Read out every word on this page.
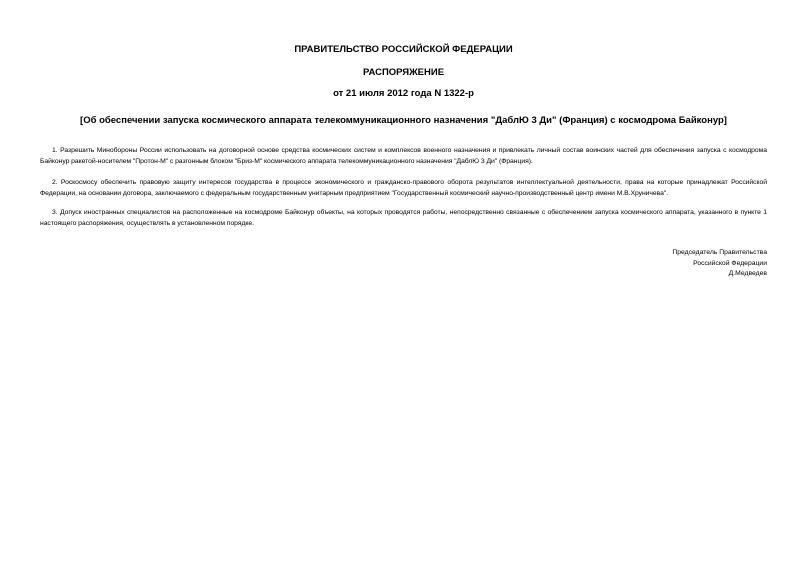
ПРАВИТЕЛЬСТВО РОССИЙСКОЙ ФЕДЕРАЦИИ
РАСПОРЯЖЕНИЕ
от 21 июля 2012 года N 1322-р
[Об обеспечении запуска космического аппарата телекоммуникационного назначения "ДаблЮ 3 Ди" (Франция) с космодрома Байконур]
1. Разрешить Минобороны России использовать на договорной основе средства космических систем и комплексов военного назначения и привлекать личный состав воинских частей для обеспечения запуска с космодрома Байконур ракетой-носителем "Протон-М" с разгонным блоком "Бриз-М" космического аппарата телекоммуникационного назначения "ДаблЮ 3 Ди" (Франция).
2. Роскосмосу обеспечить правовую защиту интересов государства в процессе экономического и гражданско-правового оборота результатов интеллектуальной деятельности, права на которые принадлежат Российской Федерации, на основании договора, заключаемого с федеральным государственным унитарным предприятием "Государственный космический научно-производственный центр имени М.В.Хруничева".
3. Допуск иностранных специалистов на расположенные на космодроме Байконур объекты, на которых проводятся работы, непосредственно связанные с обеспечением запуска космического аппарата, указанного в пункте 1 настоящего распоряжения, осуществлять в установленном порядке.
Председатель Правительства
Российской Федерации
Д.Медведев
